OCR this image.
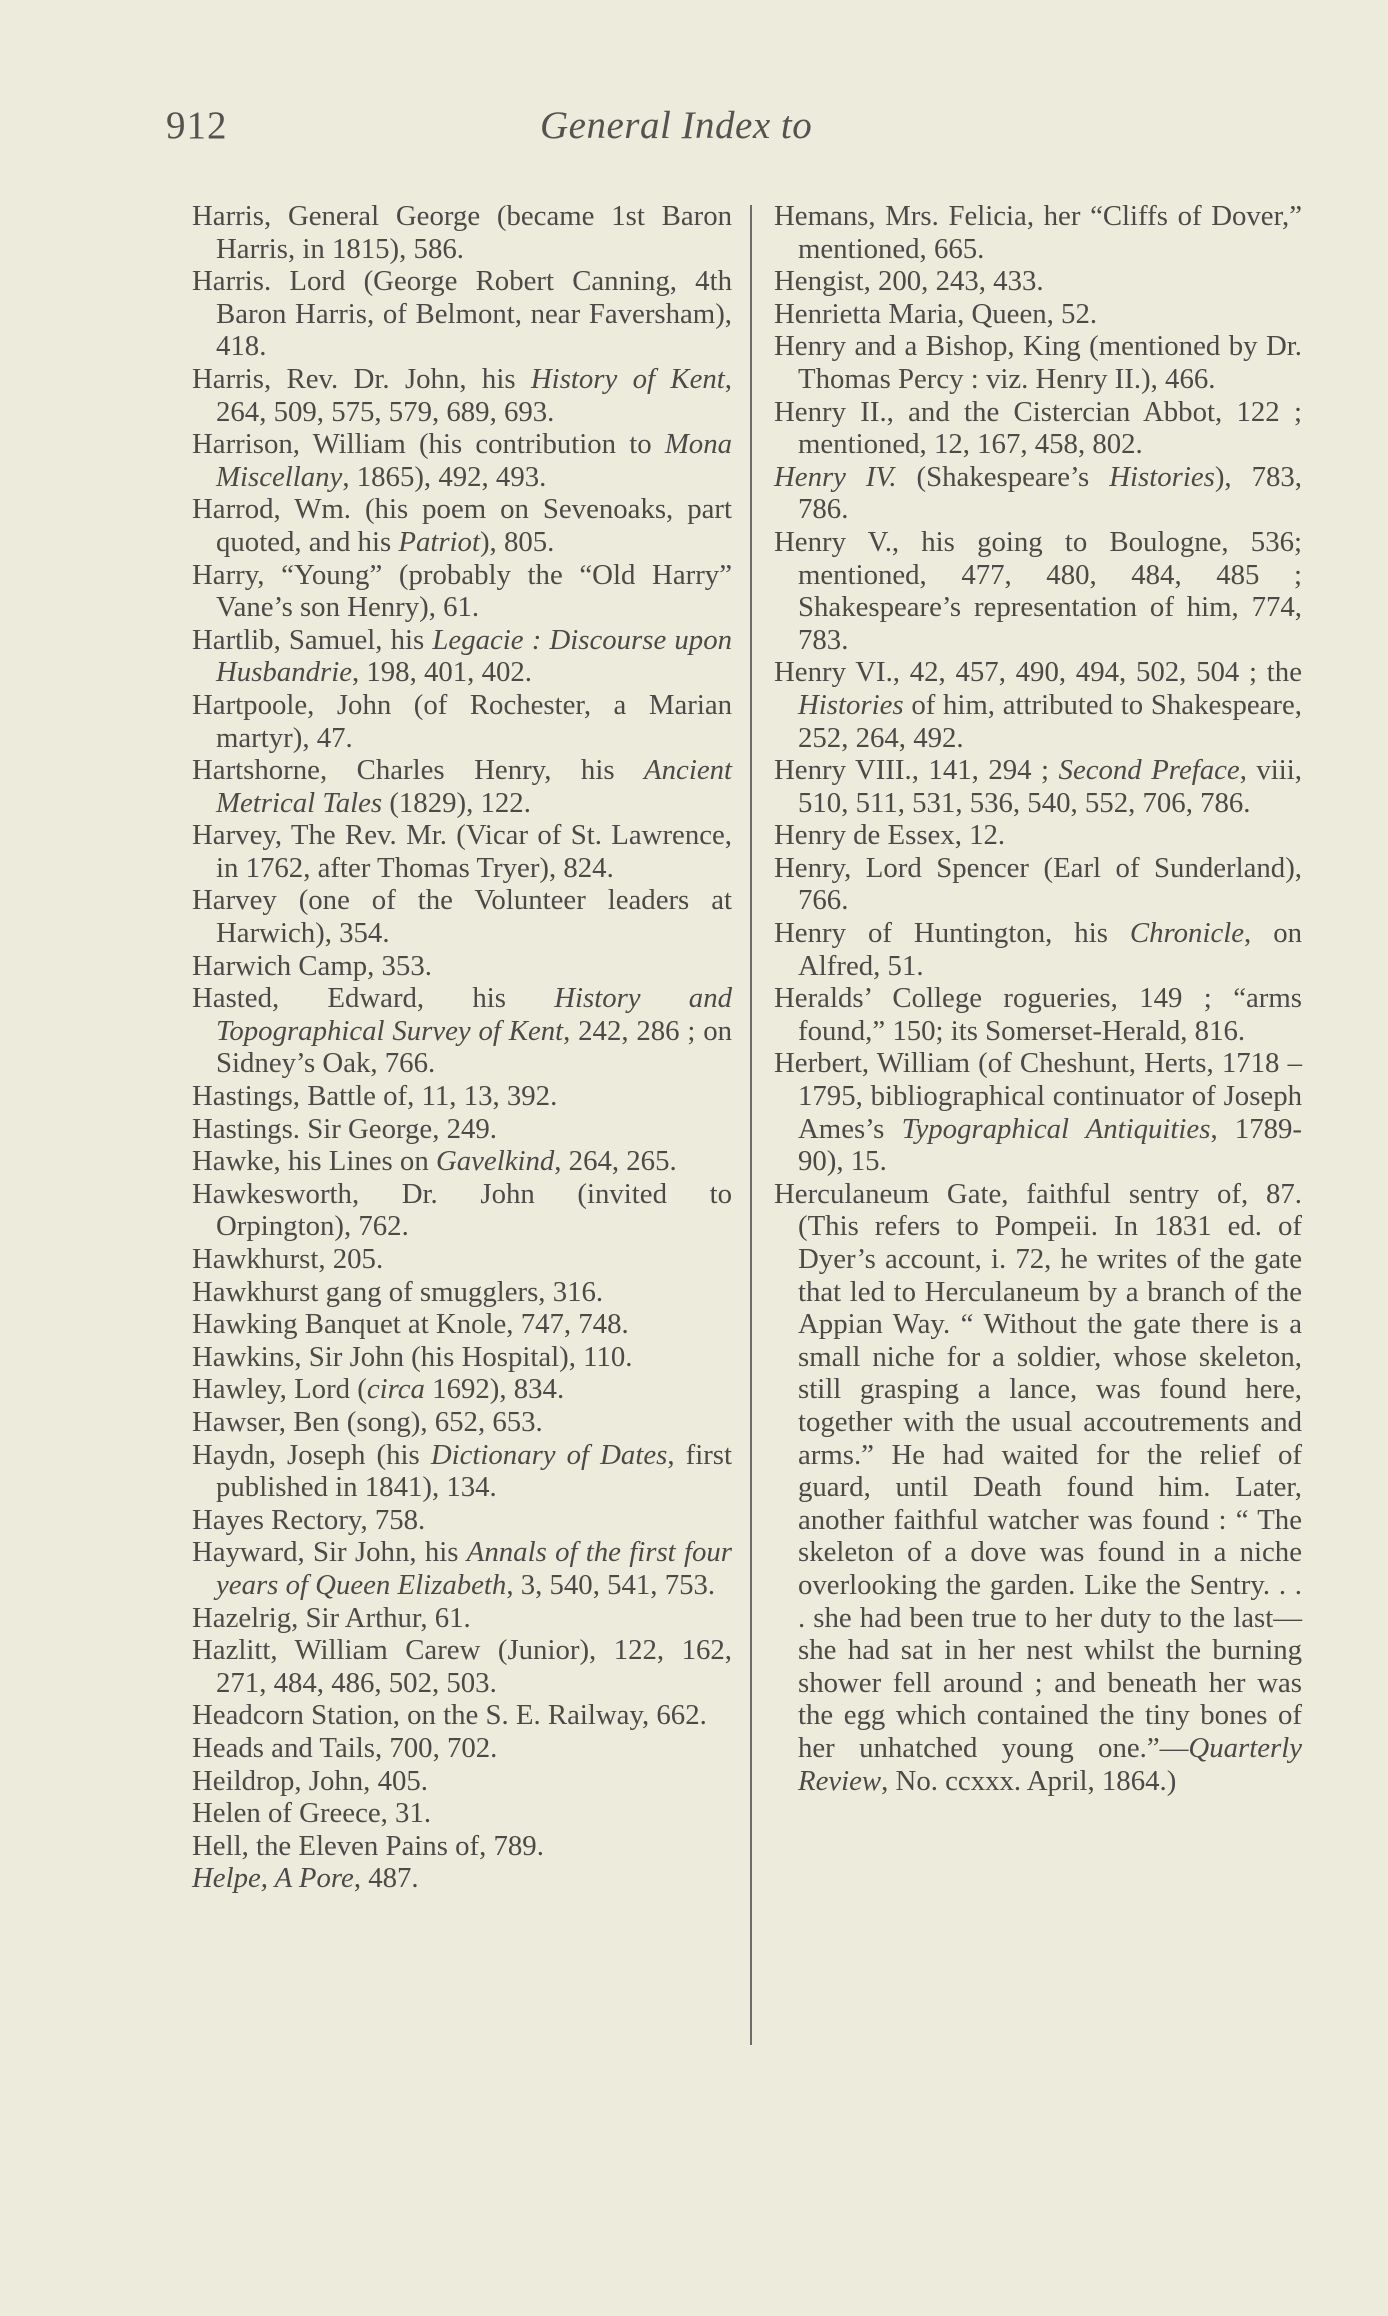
912	General Index to

Harris, General George (became 1st Baron Harris, in 1815), 586.

Harris. Lord (George Robert Canning, 4th Baron Harris, of Belmont, near Faversham), 418.

Harris, Rev. Dr. John, his History of Kent, 264, 509, 575, 579, 689, 693.

Harrison, William (his contribution to Mona Miscellany, 1865), 492, 493.

Harrod, Wm. (his poem on Sevenoaks, part quoted, and his Patriot), 805.

Harry, “Young” (probably the “Old Harry” Vane’s son Henry), 61.

Hartlib, Samuel, his Legacie : Discourse upon Husbandrie, 198, 401, 402.

Hartpoole, John (of Rochester, a Marian martyr), 47.

Hartshorne, Charles Henry, his Ancient Metrical Tales (1829), 122.

Harvey, The Rev. Mr. (Vicar of St. Lawrence, in 1762, after Thomas Tryer), 824.

Harvey (one of the Volunteer leaders at Harwich), 354.

Harwich Camp, 353.

Hasted, Edward, his History and Topographical Survey of Kent, 242, 286 ; on Sidney’s Oak, 766.

Hastings, Battle of, 11, 13, 392.

Hastings. Sir George, 249.

Hawke, his Lines on Gavelkind, 264, 265.

Hawkesworth, Dr. John (invited to Orpington), 762.

Hawkhurst, 205.

Hawkhurst gang of smugglers, 316.

Hawking Banquet at Knole, 747, 748.

Hawkins, Sir John (his Hospital), 110.

Hawley, Lord (circa 1692), 834.

Hawser, Ben (song), 652, 653.

Haydn, Joseph (his Dictionary of Dates, first published in 1841), 134.

Hayes Rectory, 758.

Hayward, Sir John, his Annals of the first four years of Queen Elizabeth, 3, 540, 541, 753.

Hazelrig, Sir Arthur, 61.

Hazlitt, William Carew (Junior), 122, 162, 271, 484, 486, 502, 503.

Headcorn Station, on the S. E. Railway, 662.

Heads and Tails, 700, 702.

Heildrop, John, 405.

Helen of Greece, 31.

Hell, the Eleven Pains of, 789.

Helpe, A Pore, 487.

Hemans, Mrs. Felicia, her “Cliffs of Dover,” mentioned, 665.

Hengist, 200, 243, 433.

Henrietta Maria, Queen, 52.

Henry and a Bishop, King (mentioned by Dr. Thomas Percy : viz. Henry II.), 466.

Henry II., and the Cistercian Abbot, 122 ; mentioned, 12, 167, 458, 802.

Henry IV. (Shakespeare’s Histories), 783, 786.

Henry V., his going to Boulogne, 536; mentioned, 477, 480, 484, 485 ; Shakespeare’s representation of him, 774, 783.

Henry VI., 42, 457, 490, 494, 502, 504 ; the Histories of him, attributed to Shakespeare, 252, 264, 492.

Henry VIII., 141, 294 ; Second Preface, viii, 510, 511, 531, 536, 540, 552, 706, 786.

Henry de Essex, 12.

Henry, Lord Spencer (Earl of Sunderland), 766.

Henry of Huntington, his Chronicle, on Alfred, 51.

Heralds’ College rogueries, 149 ; “arms found,” 150; its Somerset-Herald, 816.

Herbert, William (of Cheshunt, Herts, 1718 – 1795, bibliographical continuator of Joseph Ames’s Typographical Antiquities, 1789-90), 15.

Herculaneum Gate, faithful sentry of, 87. (This refers to Pompeii. In 1831 ed. of Dyer’s account, i. 72, he writes of the gate that led to Herculaneum by a branch of the Appian Way. “ Without the gate there is a small niche for a soldier, whose skeleton, still grasping a lance, was found here, together with the usual accoutrements and arms.” He had waited for the relief of guard, until Death found him. Later, another faithful watcher was found : “ The skeleton of a dove was found in a niche overlooking the garden. Like the Sentry. . . . she had been true to her duty to the last—she had sat in her nest whilst the burning shower fell around ; and beneath her was the egg which contained the tiny bones of her unhatched young one.”—Quarterly Review, No. ccxxx. April, 1864.)
